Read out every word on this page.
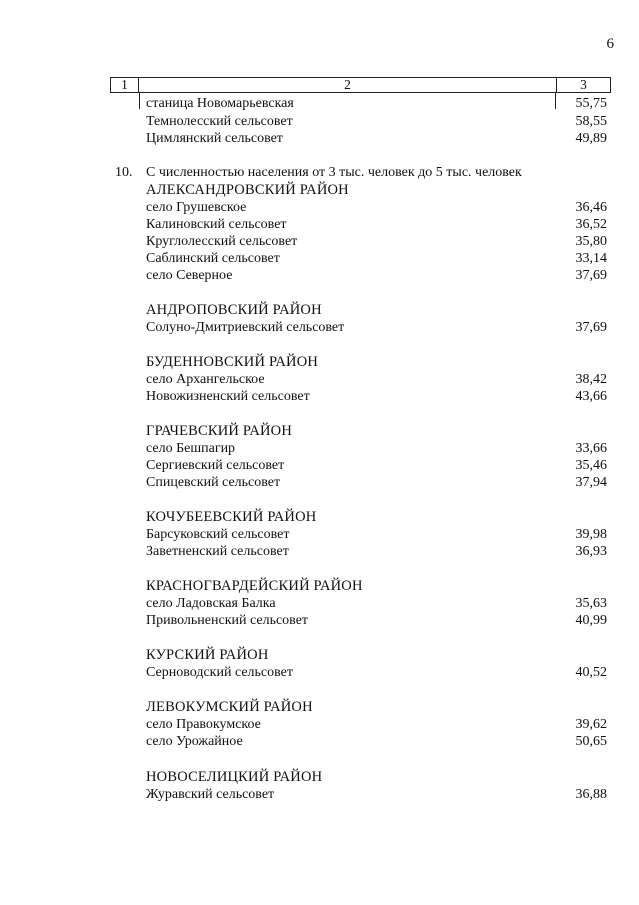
6
1	2	3
станица Новомарьевская	55,75
Темнолесский сельсовет	58,55
Цимлянский сельсовет	49,89
10. С численностью населения от 3 тыс. человек до 5 тыс. человек
АЛЕКСАНДРОВСКИЙ РАЙОН
село Грушевское	36,46
Калиновский сельсовет	36,52
Круглолесский сельсовет	35,80
Саблинский сельсовет	33,14
село Северное	37,69
АНДРОПОВСКИЙ РАЙОН
Солуно-Дмитриевский сельсовет	37,69
БУДЕННОВСКИЙ РАЙОН
село Архангельское	38,42
Новожизненский сельсовет	43,66
ГРАЧЕВСКИЙ РАЙОН
село Бешпагир	33,66
Сергиевский сельсовет	35,46
Спицевский сельсовет	37,94
КОЧУБЕЕВСКИЙ РАЙОН
Барсуковский сельсовет	39,98
Заветненский сельсовет	36,93
КРАСНОГВАРДЕЙСКИЙ РАЙОН
село Ладовская Балка	35,63
Привольненский сельсовет	40,99
КУРСКИЙ РАЙОН
Серноводский сельсовет	40,52
ЛЕВОКУМСКИЙ РАЙОН
село Правокумское	39,62
село Урожайное	50,65
НОВОСЕЛИЦКИЙ РАЙОН
Журавский сельсовет	36,88
